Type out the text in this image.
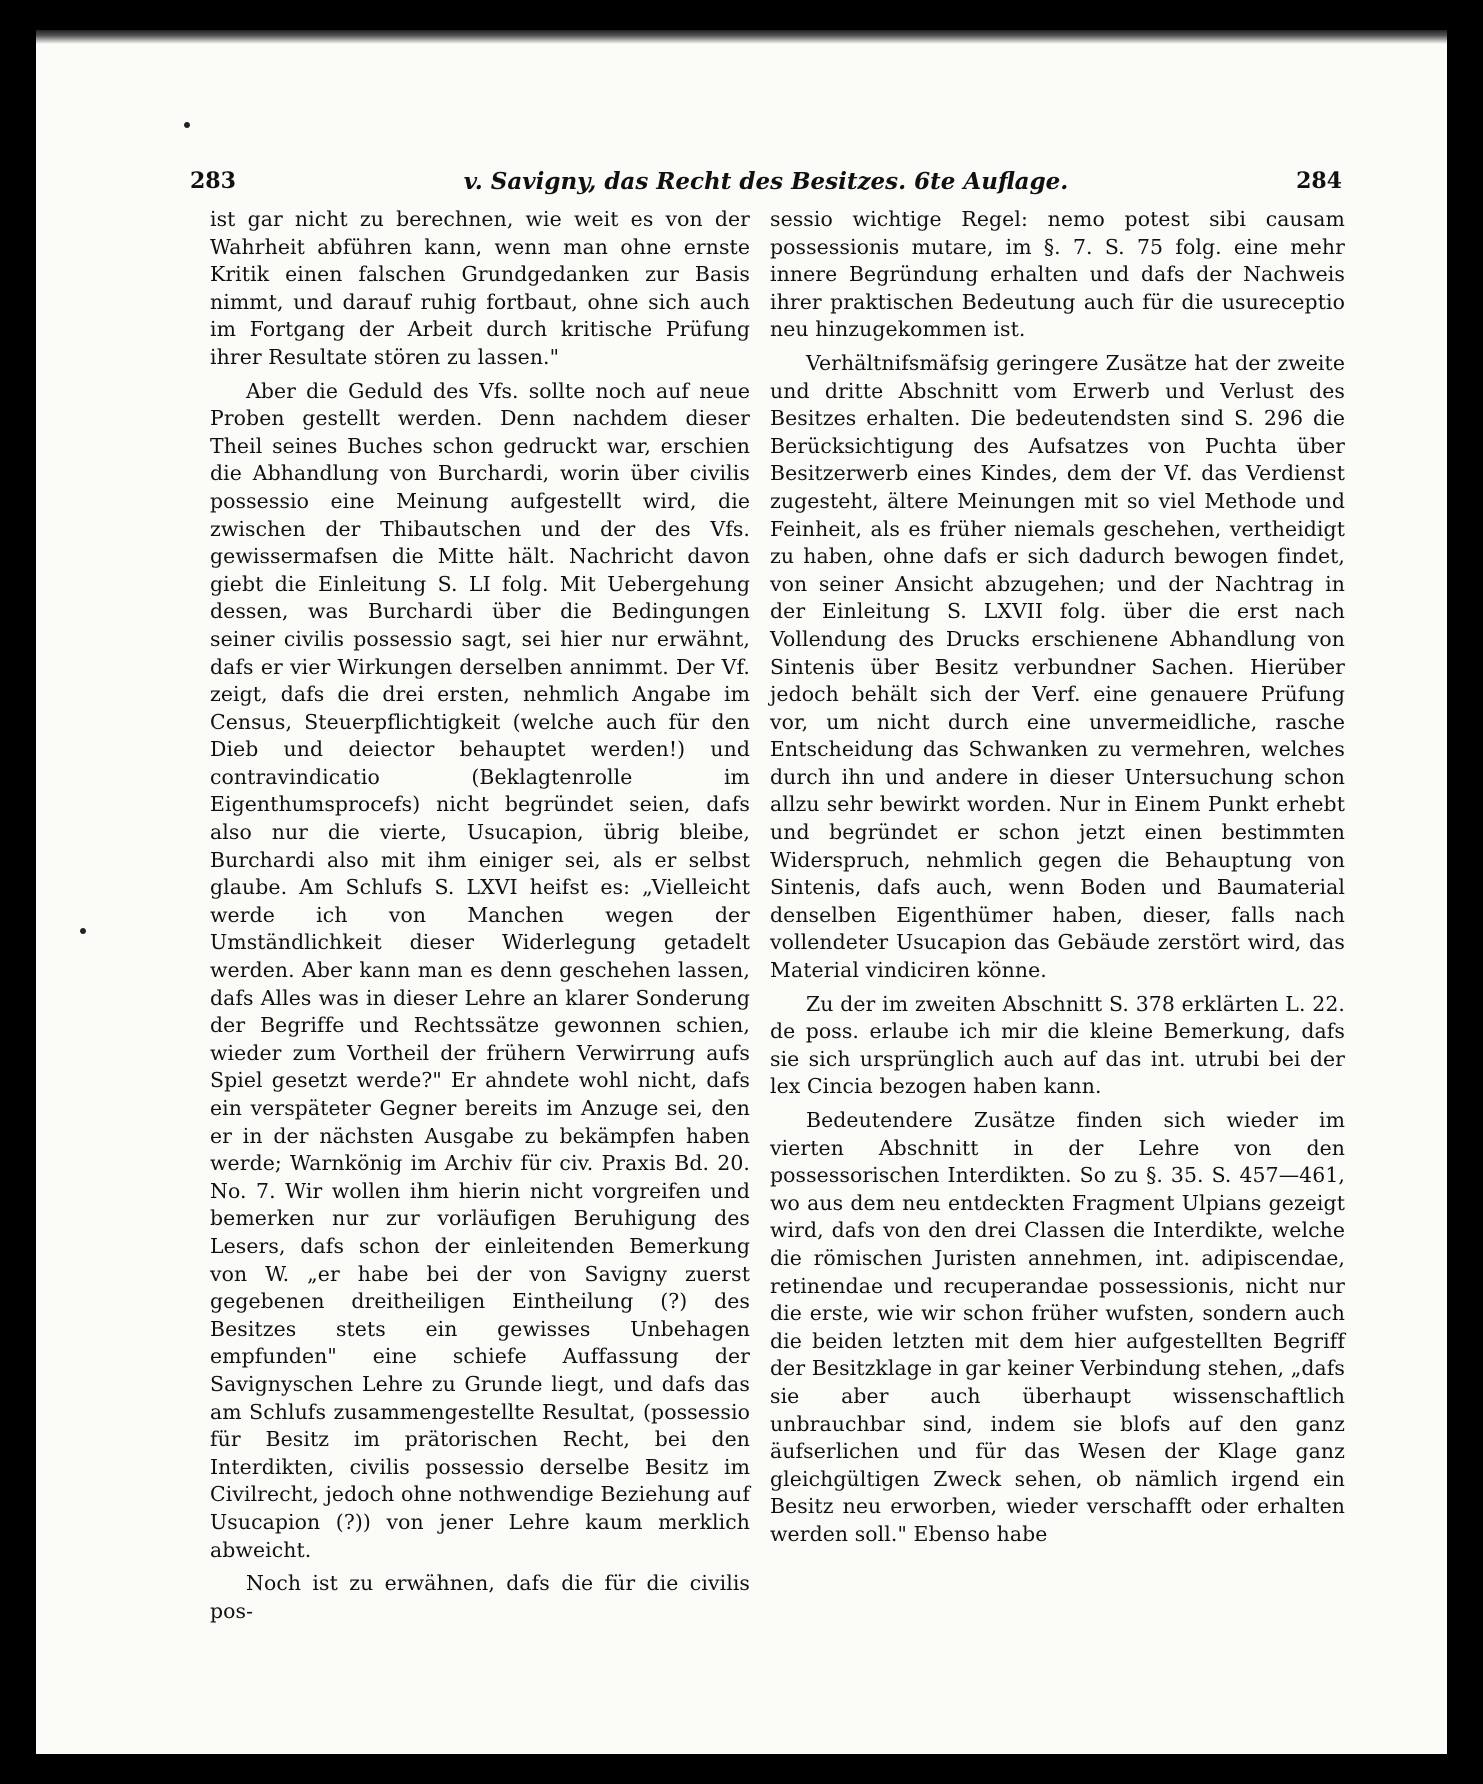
283	v. Savigny, das Recht des Besitzes. 6te Auflage.	284

ist gar nicht zu berechnen, wie weit es von der Wahrheit abführen kann, wenn man ohne ernste Kritik einen falschen Grundgedanken zur Basis nimmt, und darauf ruhig fortbaut, ohne sich auch im Fortgang der Arbeit durch kritische Prüfung ihrer Resultate stören zu lassen."

Aber die Geduld des Vfs. sollte noch auf neue Proben gestellt werden. Denn nachdem dieser Theil seines Buches schon gedruckt war, erschien die Abhandlung von Burchardi, worin über civilis possessio eine Meinung aufgestellt wird, die zwischen der Thibautschen und der des Vfs. gewissermafsen die Mitte hält. Nachricht davon giebt die Einleitung S. LI folg. Mit Uebergehung dessen, was Burchardi über die Bedingungen seiner civilis possessio sagt, sei hier nur erwähnt, dafs er vier Wirkungen derselben annimmt. Der Vf. zeigt, dafs die drei ersten, nehmlich Angabe im Census, Steuerpflichtigkeit (welche auch für den Dieb und deiector behauptet werden!) und contravindicatio (Beklagtenrolle im Eigenthumsprocefs) nicht begründet seien, dafs also nur die vierte, Usucapion, übrig bleibe, Burchardi also mit ihm einiger sei, als er selbst glaube. Am Schlufs S. LXVI heifst es: „Vielleicht werde ich von Manchen wegen der Umständlichkeit dieser Widerlegung getadelt werden. Aber kann man es denn geschehen lassen, dafs Alles was in dieser Lehre an klarer Sonderung der Begriffe und Rechtssätze gewonnen schien, wieder zum Vortheil der frühern Verwirrung aufs Spiel gesetzt werde?" Er ahndete wohl nicht, dafs ein verspäteter Gegner bereits im Anzuge sei, den er in der nächsten Ausgabe zu bekämpfen haben werde; Warnkönig im Archiv für civ. Praxis Bd. 20. No. 7. Wir wollen ihm hierin nicht vorgreifen und bemerken nur zur vorläufigen Beruhigung des Lesers, dafs schon der einleitenden Bemerkung von W. „er habe bei der von Savigny zuerst gegebenen dreitheiligen Eintheilung (?) des Besitzes stets ein gewisses Unbehagen empfunden" eine schiefe Auffassung der Savignyschen Lehre zu Grunde liegt, und dafs das am Schlufs zusammengestellte Resultat, (possessio für Besitz im prätorischen Recht, bei den Interdikten, civilis possessio derselbe Besitz im Civilrecht, jedoch ohne nothwendige Beziehung auf Usucapion (?)) von jener Lehre kaum merklich abweicht.

Noch ist zu erwähnen, dafs die für die civilis pos-

sessio wichtige Regel: nemo potest sibi causam possessionis mutare, im §. 7. S. 75 folg. eine mehr innere Begründung erhalten und dafs der Nachweis ihrer praktischen Bedeutung auch für die usureceptio neu hinzugekommen ist.

Verhältnifsmäfsig geringere Zusätze hat der zweite und dritte Abschnitt vom Erwerb und Verlust des Besitzes erhalten. Die bedeutendsten sind S. 296 die Berücksichtigung des Aufsatzes von Puchta über Besitzerwerb eines Kindes, dem der Vf. das Verdienst zugesteht, ältere Meinungen mit so viel Methode und Feinheit, als es früher niemals geschehen, vertheidigt zu haben, ohne dafs er sich dadurch bewogen findet, von seiner Ansicht abzugehen; und der Nachtrag in der Einleitung S. LXVII folg. über die erst nach Vollendung des Drucks erschienene Abhandlung von Sintenis über Besitz verbundner Sachen. Hierüber jedoch behält sich der Verf. eine genauere Prüfung vor, um nicht durch eine unvermeidliche, rasche Entscheidung das Schwanken zu vermehren, welches durch ihn und andere in dieser Untersuchung schon allzu sehr bewirkt worden. Nur in Einem Punkt erhebt und begründet er schon jetzt einen bestimmten Widerspruch, nehmlich gegen die Behauptung von Sintenis, dafs auch, wenn Boden und Baumaterial denselben Eigenthümer haben, dieser, falls nach vollendeter Usucapion das Gebäude zerstört wird, das Material vindiciren könne.

Zu der im zweiten Abschnitt S. 378 erklärten L. 22. de poss. erlaube ich mir die kleine Bemerkung, dafs sie sich ursprünglich auch auf das int. utrubi bei der lex Cincia bezogen haben kann.

Bedeutendere Zusätze finden sich wieder im vierten Abschnitt in der Lehre von den possessorischen Interdikten. So zu §. 35. S. 457—461, wo aus dem neu entdeckten Fragment Ulpians gezeigt wird, dafs von den drei Classen die Interdikte, welche die römischen Juristen annehmen, int. adipiscendae, retinendae und recuperandae possessionis, nicht nur die erste, wie wir schon früher wufsten, sondern auch die beiden letzten mit dem hier aufgestellten Begriff der Besitzklage in gar keiner Verbindung stehen, „dafs sie aber auch überhaupt wissenschaftlich unbrauchbar sind, indem sie blofs auf den ganz äufserlichen und für das Wesen der Klage ganz gleichgültigen Zweck sehen, ob nämlich irgend ein Besitz neu erworben, wieder verschafft oder erhalten werden soll." Ebenso habe
